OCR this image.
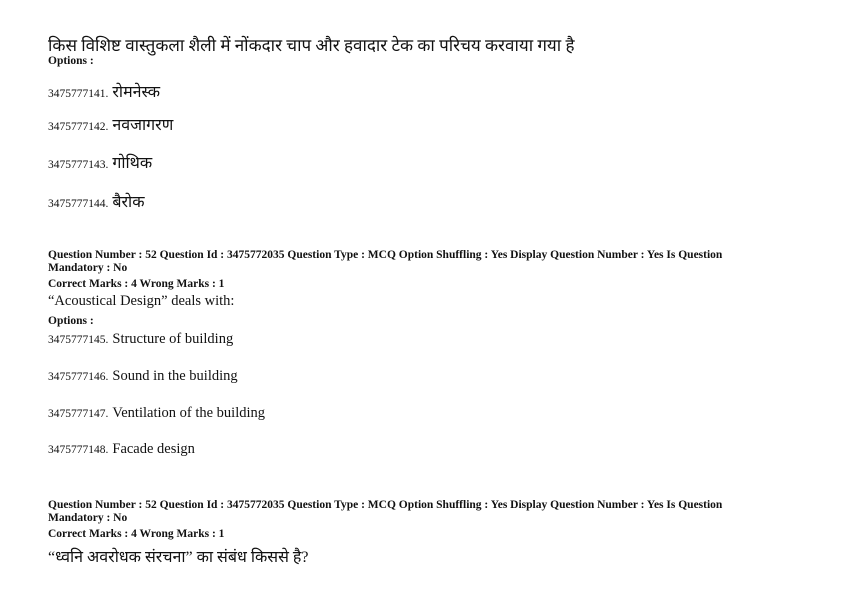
किस विशिष्ट वास्तुकला शैली में नोंकदार चाप और हवादार टेक का परिचय करवाया गया है
Options :
3475777141. रोमनेस्क
3475777142. नवजागरण
3475777143. गोथिक
3475777144. बैरोक
Question Number : 52 Question Id : 3475772035 Question Type : MCQ Option Shuffling : Yes Display Question Number : Yes Is Question Mandatory : No
Correct Marks : 4 Wrong Marks : 1
“Acoustical Design” deals with:
Options :
3475777145. Structure of building
3475777146. Sound in the building
3475777147. Ventilation of the building
3475777148. Facade design
Question Number : 52 Question Id : 3475772035 Question Type : MCQ Option Shuffling : Yes Display Question Number : Yes Is Question Mandatory : No
Correct Marks : 4 Wrong Marks : 1
“ध्वनि अवरोधक संरचना” का संबंध किससे है?
